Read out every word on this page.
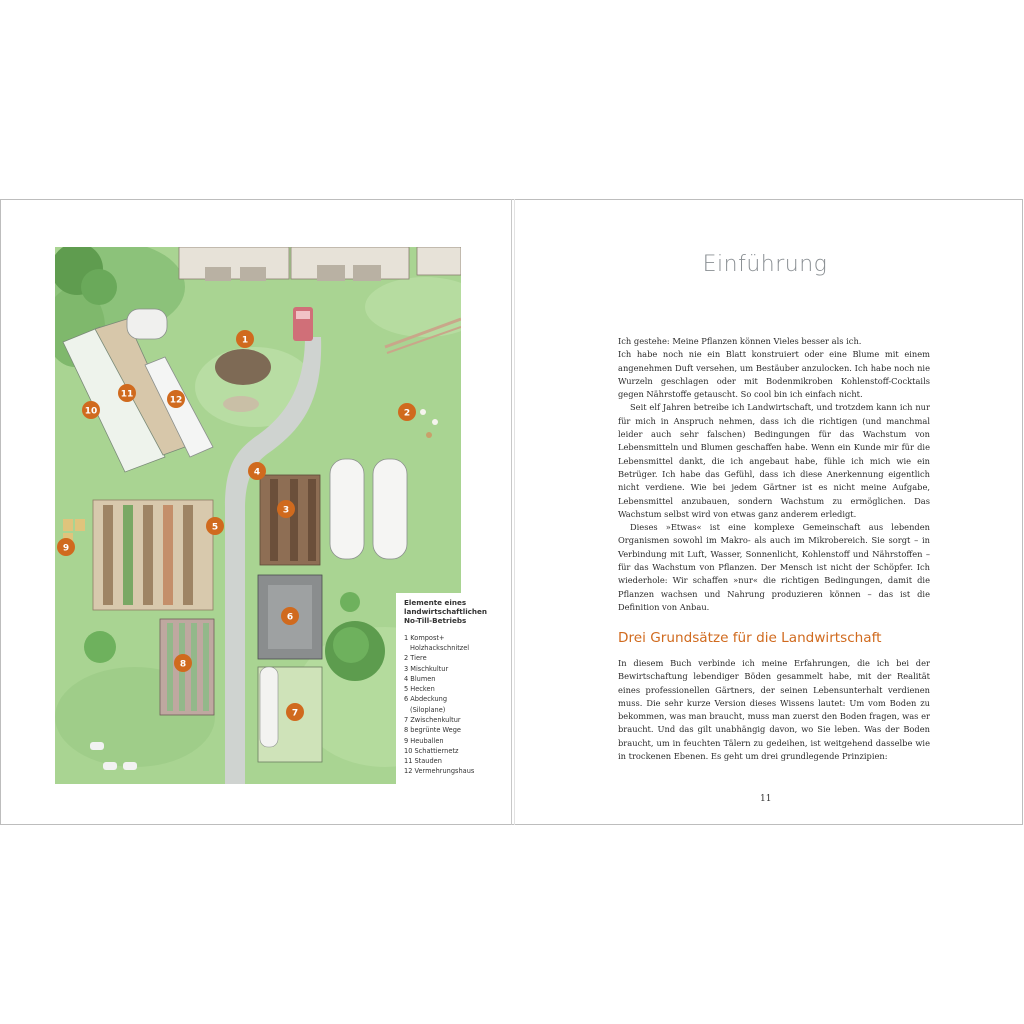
1
2
3
4
5
6
7
8
9
10
11
12
Elemente eines landwirtschaftlichen No-Till-Betriebs
1 Kompost+
Holzhackschnitzel
2 Tiere
3 Mischkultur
4 Blumen
5 Hecken
6 Abdeckung
(Siloplane)
7 Zwischenkultur
8 begrünte Wege
9 Heuballen
10 Schattiernetz
11 Stauden
12 Vermehrungshaus
Einführung

Ich gestehe: Meine Pflanzen können Vieles besser als ich.

Ich habe noch nie ein Blatt konstruiert oder eine Blume mit einem angenehmen Duft versehen, um Bestäuber anzulocken. Ich habe noch nie Wurzeln geschlagen oder mit Bodenmikroben Kohlenstoff-Cocktails gegen Nährstoffe getauscht. So cool bin ich einfach nicht.

Seit elf Jahren betreibe ich Landwirtschaft, und trotzdem kann ich nur für mich in Anspruch nehmen, dass ich die richtigen (und manchmal leider auch sehr falschen) Bedingungen für das Wachstum von Lebensmitteln und Blumen geschaffen habe. Wenn ein Kunde mir für die Lebensmittel dankt, die ich angebaut habe, fühle ich mich wie ein Betrüger. Ich habe das Gefühl, dass ich diese Anerkennung eigentlich nicht verdiene. Wie bei jedem Gärtner ist es nicht meine Aufgabe, Lebensmittel anzubauen, sondern Wachstum zu ermöglichen. Das Wachstum selbst wird von etwas ganz anderem erledigt.

Dieses »Etwas« ist eine komplexe Gemeinschaft aus lebenden Organismen sowohl im Makro- als auch im Mikrobereich. Sie sorgt – in Verbindung mit Luft, Wasser, Sonnenlicht, Kohlenstoff und Nährstoffen – für das Wachstum von Pflanzen. Der Mensch ist nicht der Schöpfer. Ich wiederhole: Wir schaffen »nur« die richtigen Bedingungen, damit die Pflanzen wachsen und Nahrung produzieren können – das ist die Definition von Anbau.

Drei Grundsätze für die Landwirtschaft

In diesem Buch verbinde ich meine Erfahrungen, die ich bei der Bewirtschaftung lebendiger Böden gesammelt habe, mit der Realität eines professionellen Gärtners, der seinen Lebensunterhalt verdienen muss. Die sehr kurze Version dieses Wissens lautet: Um vom Boden zu bekommen, was man braucht, muss man zuerst den Boden fragen, was er braucht. Und das gilt unabhängig davon, wo Sie leben. Was der Boden braucht, um in feuchten Tälern zu gedeihen, ist weitgehend dasselbe wie in trockenen Ebenen. Es geht um drei grundlegende Prinzipien:

11
